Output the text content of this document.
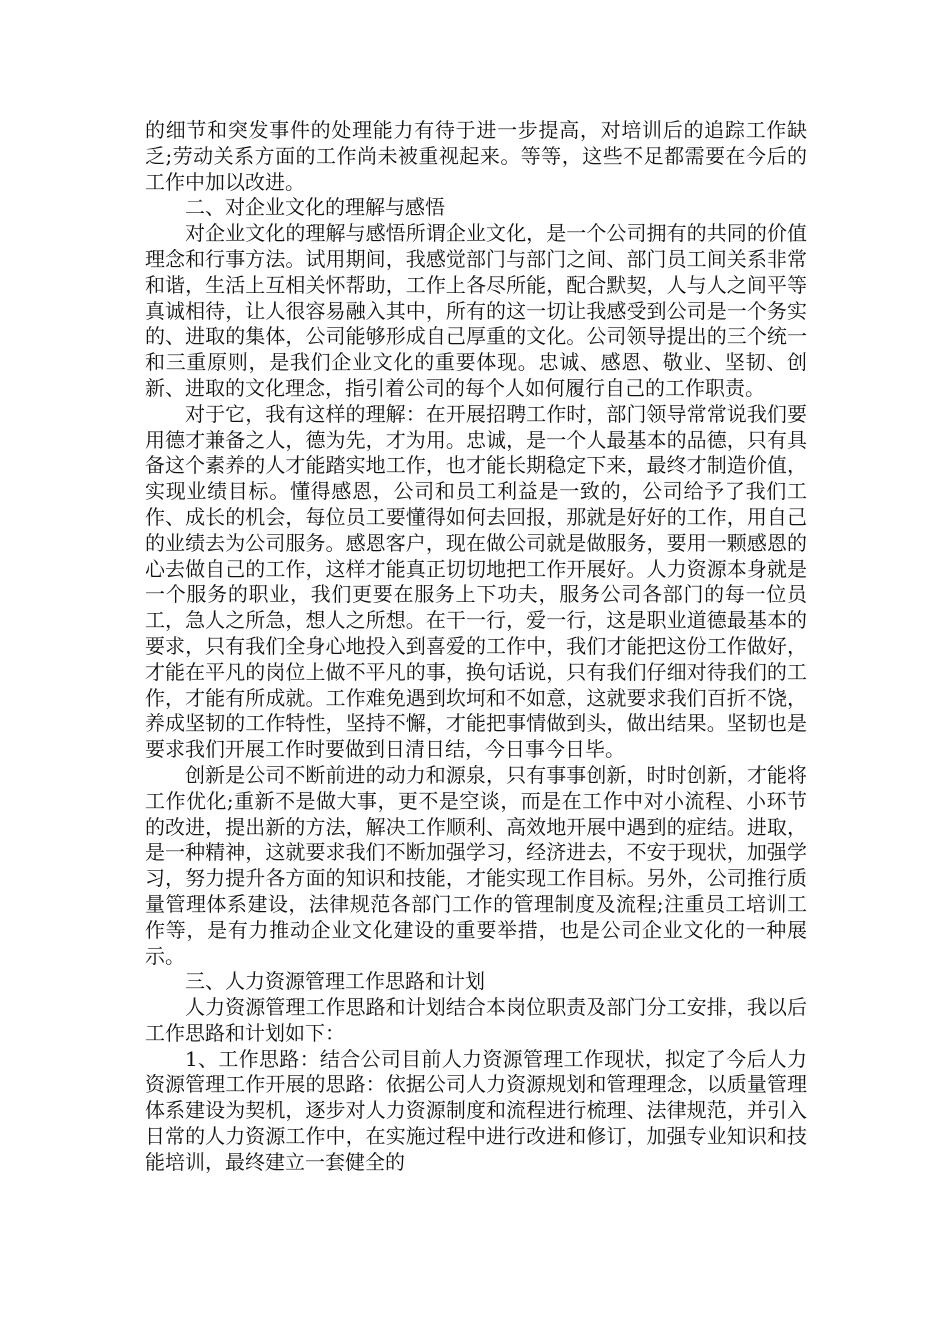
的细节和突发事件的处理能力有待于进一步提高，对培训后的追踪工作缺乏;劳动关系方面的工作尚未被重视起来。等等，这些不足都需要在今后的工作中加以改进。

二、对企业文化的理解与感悟

对企业文化的理解与感悟所谓企业文化，是一个公司拥有的共同的价值理念和行事方法。试用期间，我感觉部门与部门之间、部门员工间关系非常和谐，生活上互相关怀帮助，工作上各尽所能，配合默契，人与人之间平等真诚相待，让人很容易融入其中，所有的这一切让我感受到公司是一个务实的、进取的集体，公司能够形成自己厚重的文化。公司领导提出的三个统一和三重原则，是我们企业文化的重要体现。忠诚、感恩、敬业、坚韧、创新、进取的文化理念，指引着公司的每个人如何履行自己的工作职责。

对于它，我有这样的理解：在开展招聘工作时，部门领导常常说我们要用德才兼备之人，德为先，才为用。忠诚，是一个人最基本的品德，只有具备这个素养的人才能踏实地工作，也才能长期稳定下来，最终才制造价值，实现业绩目标。懂得感恩，公司和员工利益是一致的，公司给予了我们工作、成长的机会，每位员工要懂得如何去回报，那就是好好的工作，用自己的业绩去为公司服务。感恩客户，现在做公司就是做服务，要用一颗感恩的心去做自己的工作，这样才能真正切切地把工作开展好。人力资源本身就是一个服务的职业，我们更要在服务上下功夫，服务公司各部门的每一位员工，急人之所急，想人之所想。在干一行，爱一行，这是职业道德最基本的要求，只有我们全身心地投入到喜爱的工作中，我们才能把这份工作做好，才能在平凡的岗位上做不平凡的事，换句话说，只有我们仔细对待我们的工作，才能有所成就。工作难免遇到坎坷和不如意，这就要求我们百折不饶，养成坚韧的工作特性，坚持不懈，才能把事情做到头，做出结果。坚韧也是要求我们开展工作时要做到日清日结，今日事今日毕。

创新是公司不断前进的动力和源泉，只有事事创新，时时创新，才能将工作优化;重新不是做大事，更不是空谈，而是在工作中对小流程、小环节的改进，提出新的方法，解决工作顺利、高效地开展中遇到的症结。进取，是一种精神，这就要求我们不断加强学习，经济进去，不安于现状，加强学习，努力提升各方面的知识和技能，才能实现工作目标。另外，公司推行质量管理体系建设，法律规范各部门工作的管理制度及流程;注重员工培训工作等，是有力推动企业文化建设的重要举措，也是公司企业文化的一种展示。

三、人力资源管理工作思路和计划

人力资源管理工作思路和计划结合本岗位职责及部门分工安排，我以后工作思路和计划如下：

1、工作思路：结合公司目前人力资源管理工作现状，拟定了今后人力资源管理工作开展的思路：依据公司人力资源规划和管理理念，以质量管理体系建设为契机，逐步对人力资源制度和流程进行梳理、法律规范，并引入日常的人力资源工作中，在实施过程中进行改进和修订，加强专业知识和技能培训，最终建立一套健全的
